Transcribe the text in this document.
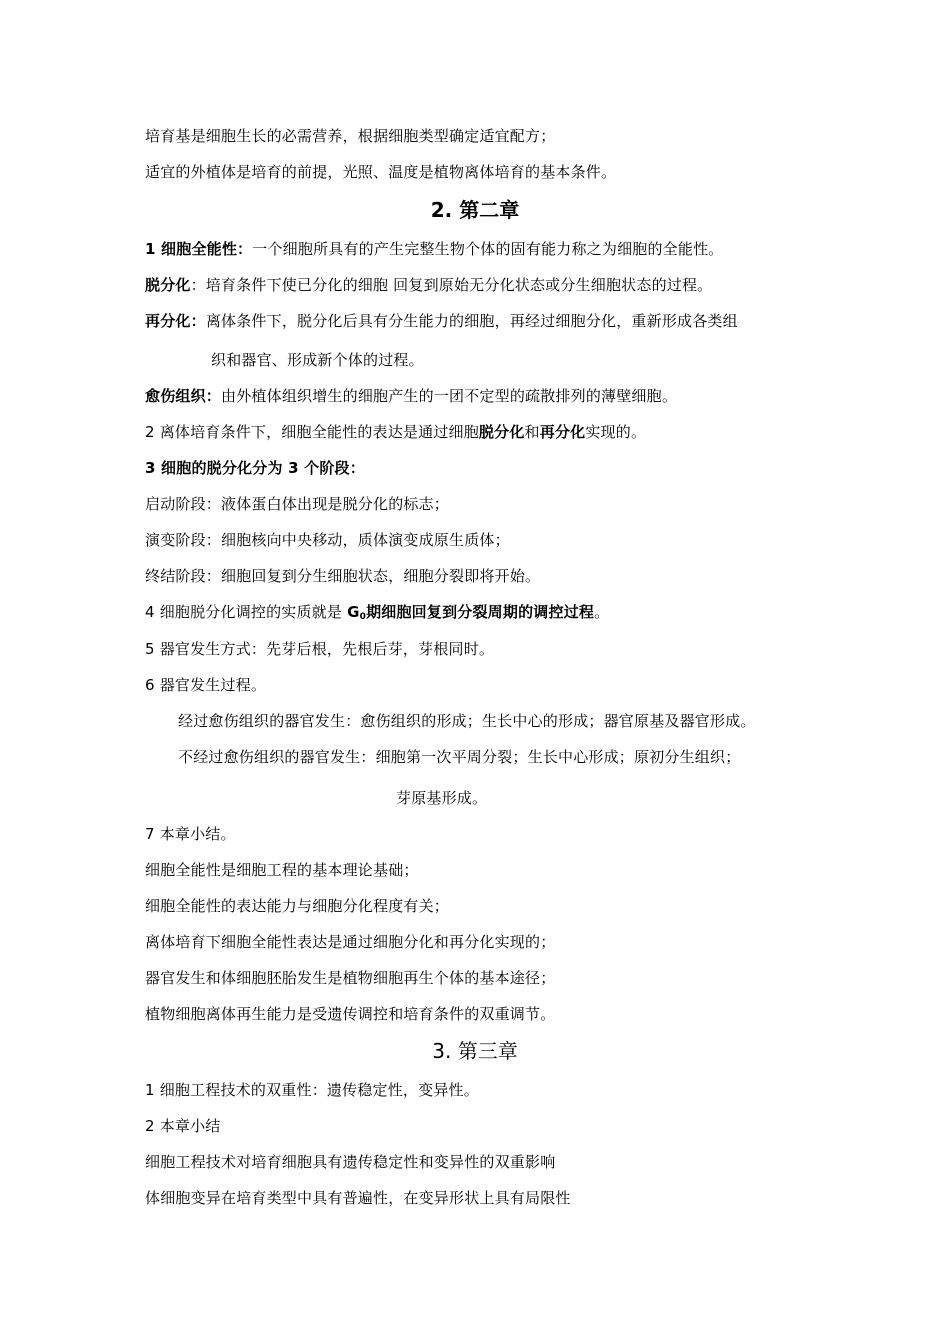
培育基是细胞生长的必需营养，根据细胞类型确定适宜配方；
适宜的外植体是培育的前提，光照、温度是植物离体培育的基本条件。
2. 第二章
1 细胞全能性：一个细胞所具有的产生完整生物个体的固有能力称之为细胞的全能性。
脱分化：培育条件下使已分化的细胞 回复到原始无分化状态或分生细胞状态的过程。
再分化：离体条件下，脱分化后具有分生能力的细胞，再经过细胞分化，重新形成各类组
织和器官、形成新个体的过程。
愈伤组织：由外植体组织增生的细胞产生的一团不定型的疏散排列的薄壁细胞。
2 离体培育条件下，细胞全能性的表达是通过细胞脱分化和再分化实现的。
3 细胞的脱分化分为 3 个阶段：
启动阶段：液体蛋白体出现是脱分化的标志；
演变阶段：细胞核向中央移动，质体演变成原生质体；
终结阶段：细胞回复到分生细胞状态，细胞分裂即将开始。
4 细胞脱分化调控的实质就是 G0期细胞回复到分裂周期的调控过程。
5 器官发生方式：先芽后根，先根后芽，芽根同时。
6 器官发生过程。
经过愈伤组织的器官发生：愈伤组织的形成；生长中心的形成；器官原基及器官形成。
不经过愈伤组织的器官发生：细胞第一次平周分裂；生长中心形成；原初分生组织；
芽原基形成。
7 本章小结。
细胞全能性是细胞工程的基本理论基础；
细胞全能性的表达能力与细胞分化程度有关；
离体培育下细胞全能性表达是通过细胞分化和再分化实现的；
器官发生和体细胞胚胎发生是植物细胞再生个体的基本途径；
植物细胞离体再生能力是受遗传调控和培育条件的双重调节。
3. 第三章
1 细胞工程技术的双重性：遗传稳定性，变异性。
2 本章小结
细胞工程技术对培育细胞具有遗传稳定性和变异性的双重影响
体细胞变异在培育类型中具有普遍性，在变异形状上具有局限性
